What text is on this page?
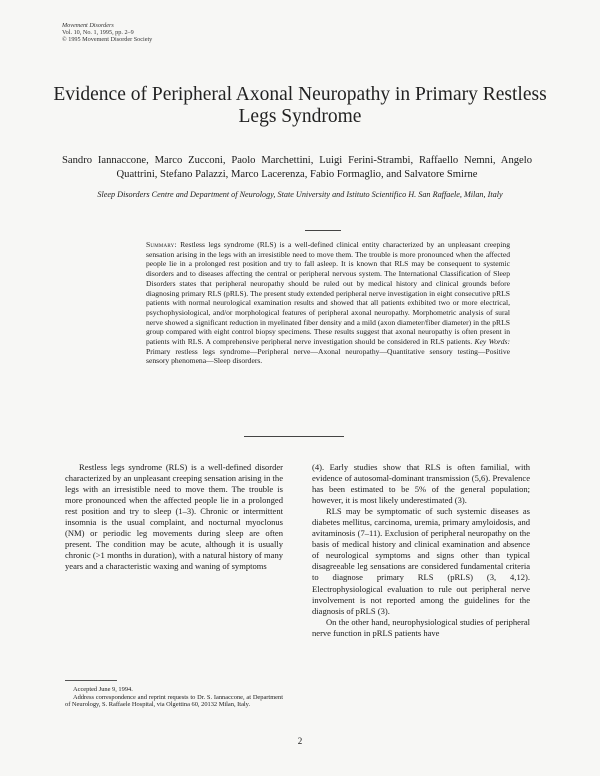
Movement Disorders
Vol. 10, No. 1, 1995, pp. 2–9
© 1995 Movement Disorder Society
Evidence of Peripheral Axonal Neuropathy in Primary Restless Legs Syndrome
Sandro Iannaccone, Marco Zucconi, Paolo Marchettini, Luigi Ferini-Strambi, Raffaello Nemni, Angelo Quattrini, Stefano Palazzi, Marco Lacerenza, Fabio Formaglio, and Salvatore Smirne
Sleep Disorders Centre and Department of Neurology, State University and Istituto Scientifico H. San Raffaele, Milan, Italy
Summary: Restless legs syndrome (RLS) is a well-defined clinical entity characterized by an unpleasant creeping sensation arising in the legs with an irresistible need to move them. The trouble is more pronounced when the affected people lie in a prolonged rest position and try to fall asleep. It is known that RLS may be consequent to systemic disorders and to diseases affecting the central or peripheral nervous system. The International Classification of Sleep Disorders states that peripheral neuropathy should be ruled out by medical history and clinical grounds before diagnosing primary RLS (pRLS). The present study extended peripheral nerve investigation in eight consecutive pRLS patients with normal neurological examination results and showed that all patients exhibited two or more electrical, psychophysiological, and/or morphological features of peripheral axonal neuropathy. Morphometric analysis of sural nerve showed a significant reduction in myelinated fiber density and a mild (axon diameter/fiber diameter) in the pRLS group compared with eight control biopsy specimens. These results suggest that axonal neuropathy is often present in patients with RLS. A comprehensive peripheral nerve investigation should be considered in RLS patients. Key Words: Primary restless legs syndrome—Peripheral nerve—Axonal neuropathy—Quantitative sensory testing—Positive sensory phenomena—Sleep disorders.

Restless legs syndrome (RLS) is a well-defined disorder characterized by an unpleasant creeping sensation arising in the legs with an irresistible need to move them. The trouble is more pronounced when the affected people lie in a prolonged rest position and try to sleep (1–3). Chronic or intermittent insomnia is the usual complaint, and nocturnal myoclonus (NM) or periodic leg movements during sleep are often present. The condition may be acute, although it is usually chronic (>1 months in duration), with a natural history of many years and a characteristic waxing and waning of symptoms

(4). Early studies show that RLS is often familial, with evidence of autosomal-dominant transmission (5,6). Prevalence has been estimated to be 5% of the general population; however, it is most likely underestimated (3).

RLS may be symptomatic of such systemic diseases as diabetes mellitus, carcinoma, uremia, primary amyloidosis, and avitaminosis (7–11). Exclusion of peripheral neuropathy on the basis of medical history and clinical examination and absence of neurological symptoms and signs other than typical disagreeable leg sensations are considered fundamental criteria to diagnose primary RLS (pRLS) (3, 4,12). Electrophysiological evaluation to rule out peripheral nerve involvement is not reported among the guidelines for the diagnosis of pRLS (3).

On the other hand, neurophysiological studies of peripheral nerve function in pRLS patients have

Accepted June 9, 1994.

Address correspondence and reprint requests to Dr. S. Iannaccone, at Department of Neurology, S. Raffaele Hospital, via Olgettina 60, 20132 Milan, Italy.

2
